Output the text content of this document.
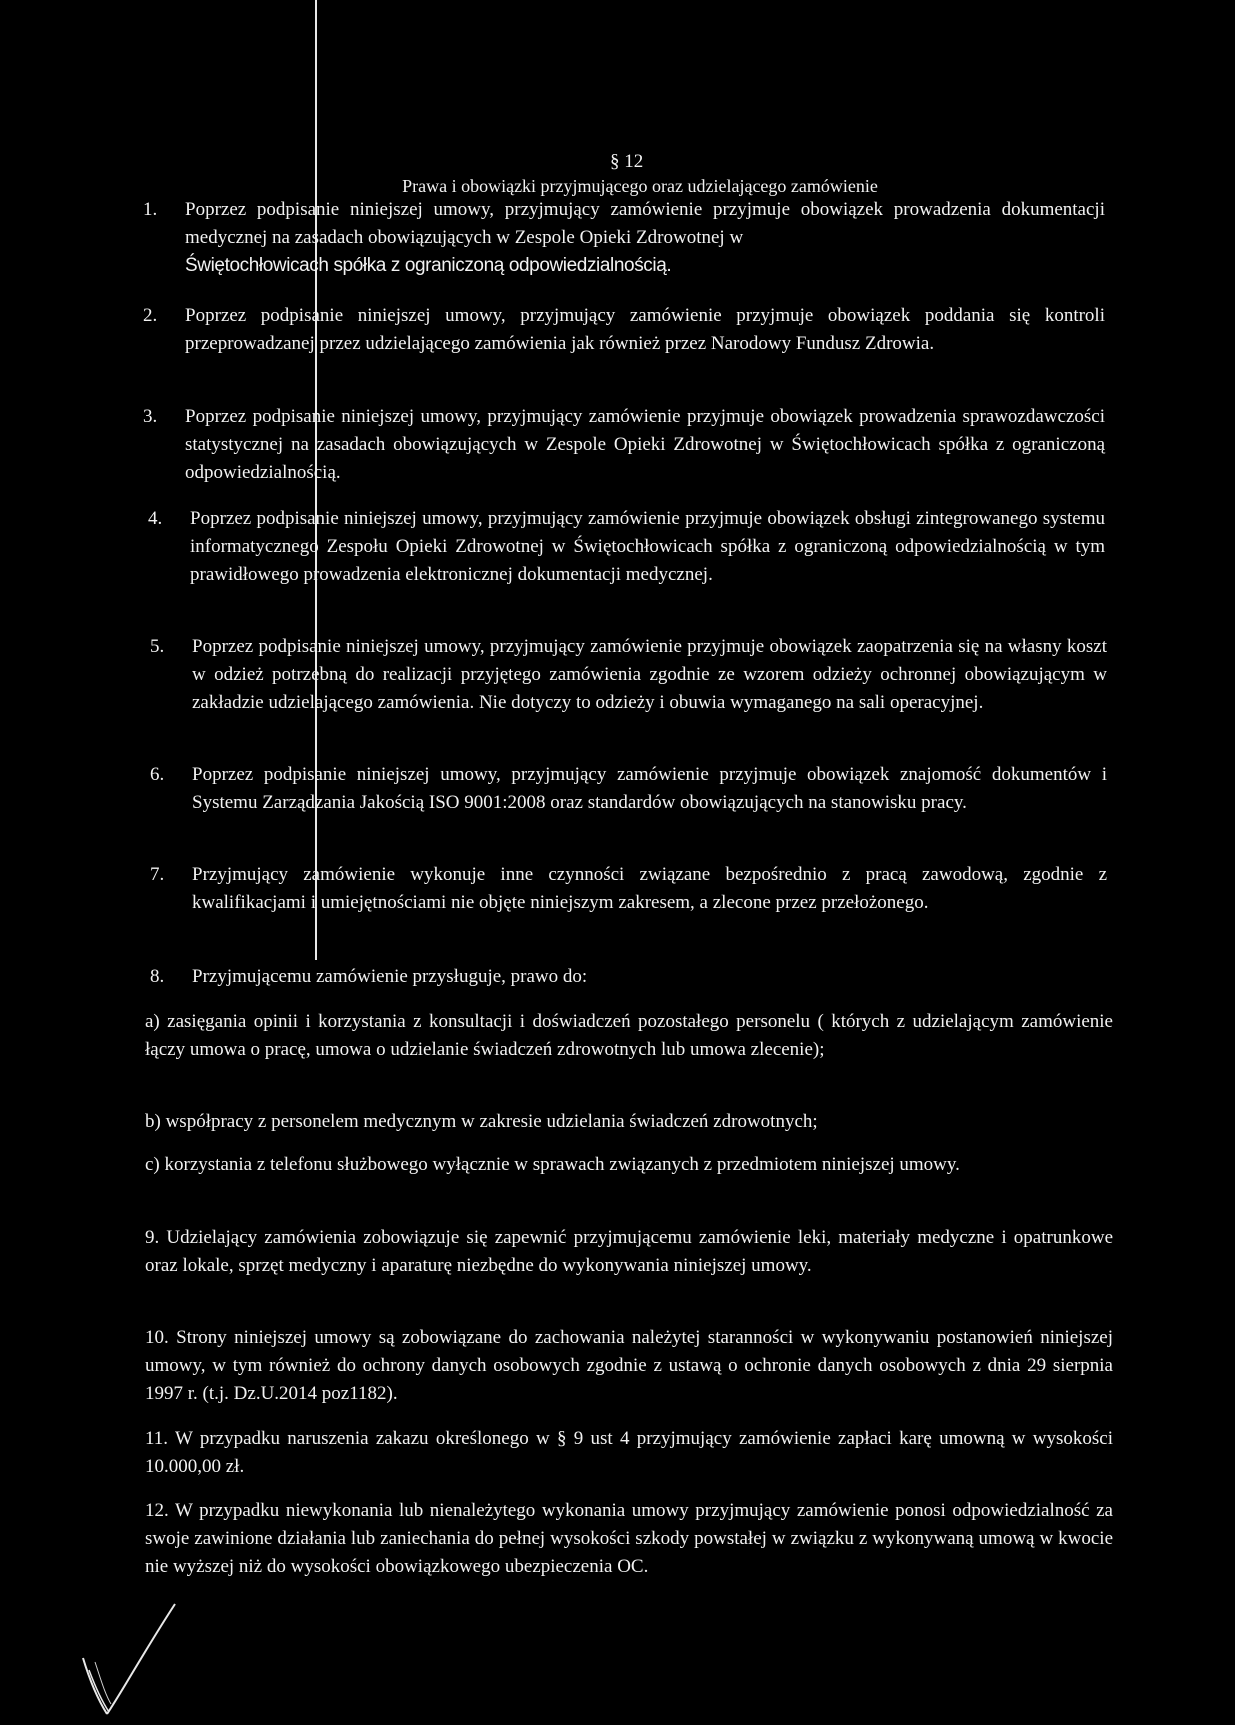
§ 12
Prawa i obowiązki przyjmującego oraz udzielającego zamówienie
1. Poprzez podpisanie niniejszej umowy, przyjmujący zamówienie przyjmuje obowiązek prowadzenia dokumentacji medycznej na zasadach obowiązujących w Zespole Opieki Zdrowotnej w
Świętochłowicach spółka z ograniczoną odpowiedzialnością.
2. Poprzez podpisanie niniejszej umowy, przyjmujący zamówienie przyjmuje obowiązek poddania się kontroli przeprowadzanej przez udzielającego zamówienia jak również przez Narodowy Fundusz Zdrowia.
3. Poprzez podpisanie niniejszej umowy, przyjmujący zamówienie przyjmuje obowiązek prowadzenia sprawozdawczości statystycznej na zasadach obowiązujących w Zespole Opieki Zdrowotnej w Świętochłowicach spółka z ograniczoną odpowiedzialnością.
4. Poprzez podpisanie niniejszej umowy, przyjmujący zamówienie przyjmuje obowiązek obsługi zintegrowanego systemu informatycznego Zespołu Opieki Zdrowotnej w Świętochłowicach spółka z ograniczoną odpowiedzialnością w tym prawidłowego prowadzenia elektronicznej dokumentacji medycznej.
5. Poprzez podpisanie niniejszej umowy, przyjmujący zamówienie przyjmuje obowiązek zaopatrzenia się na własny koszt w odzież potrzebną do realizacji przyjętego zamówienia zgodnie ze wzorem odzieży ochronnej obowiązującym w zakładzie udzielającego zamówienia. Nie dotyczy to odzieży i obuwia wymaganego na sali operacyjnej.
6. Poprzez podpisanie niniejszej umowy, przyjmujący zamówienie przyjmuje obowiązek znajomość dokumentów i Systemu Zarządzania Jakością ISO 9001:2008 oraz standardów obowiązujących na stanowisku pracy.
7. Przyjmujący zamówienie wykonuje inne czynności związane bezpośrednio z pracą zawodową, zgodnie z kwalifikacjami i umiejętnościami nie objęte niniejszym zakresem, a zlecone przez przełożonego.
8. Przyjmującemu zamówienie przysługuje, prawo do:
a) zasięgania opinii i korzystania z konsultacji i doświadczeń pozostałego personelu ( których z udzielającym zamówienie łączy umowa o pracę, umowa o udzielanie świadczeń zdrowotnych lub umowa zlecenie);
b) współpracy z personelem medycznym w zakresie udzielania świadczeń zdrowotnych;
c) korzystania z telefonu służbowego wyłącznie w sprawach związanych z przedmiotem niniejszej umowy.
9. Udzielający zamówienia zobowiązuje się zapewnić przyjmującemu zamówienie leki, materiały medyczne i opatrunkowe oraz lokale, sprzęt medyczny i aparaturę niezbędne do wykonywania niniejszej umowy.
10. Strony niniejszej umowy są zobowiązane do zachowania należytej staranności w wykonywaniu postanowień niniejszej umowy, w tym również do ochrony danych osobowych zgodnie z ustawą o ochronie danych osobowych z dnia 29 sierpnia 1997 r. (t.j. Dz.U.2014 poz1182).
11. W przypadku naruszenia zakazu określonego w § 9 ust 4 przyjmujący zamówienie zapłaci karę umowną w wysokości 10.000,00 zł.
12. W przypadku niewykonania lub nienależytego wykonania umowy przyjmujący zamówienie ponosi odpowiedzialność za swoje zawinione działania lub zaniechania do pełnej wysokości szkody powstałej w związku z wykonywaną umową w kwocie nie wyższej niż do wysokości obowiązkowego ubezpieczenia OC.
